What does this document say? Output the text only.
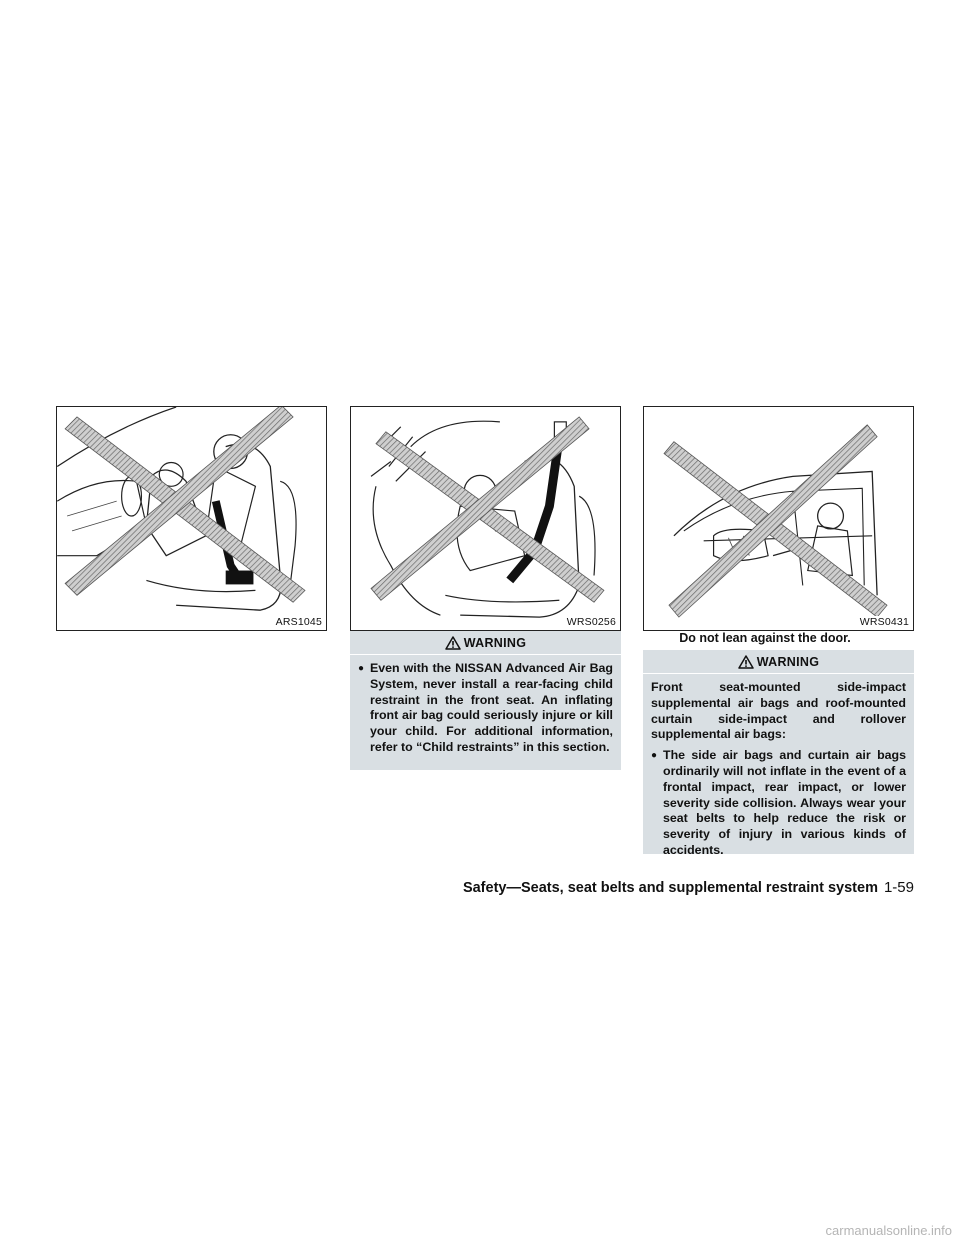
ARS1045	WRS0256	WRS0431
Do not lean against the door.
WARNING
● Even with the NISSAN Advanced Air Bag System, never install a rear-facing child restraint in the front seat. An inflating front air bag could seriously injure or kill your child. For additional information, refer to “Child restraints” in this section.
WARNING

Front seat-mounted side-impact supplemental air bags and roof-mounted curtain side-impact and rollover supplemental air bags:

● The side air bags and curtain air bags ordinarily will not inflate in the event of a frontal impact, rear impact, or lower severity side collision. Always wear your seat belts to help reduce the risk or severity of injury in various kinds of accidents.
Safety—Seats, seat belts and supplemental restraint system 1-59
carmanualsonline.info
